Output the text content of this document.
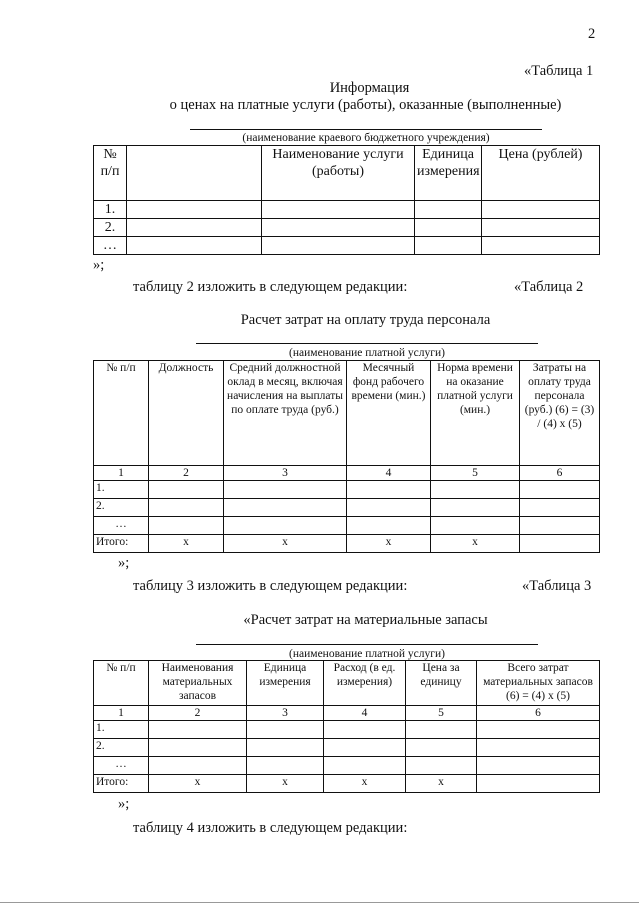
2
«Таблица 1
Информация
о ценах на платные услуги (работы), оказанные (выполненные)
(наименование краевого бюджетного учреждения)
№ п/п		Наименование услуги (работы)	Единица измерения	Цена (рублей)
1.				
2.				
…				
»;
таблицу 2 изложить в следующем редакции:	«Таблица 2
Расчет затрат на оплату труда персонала
(наименование платной услуги)
№ п/п	Должность	Средний должностной оклад в месяц, включая начисления на выплаты по оплате труда (руб.)	Месячный фонд рабочего времени (мин.)	Норма времени на оказание платной услуги (мин.)	Затраты на оплату труда персонала (руб.) (6) = (3) / (4) x (5)
1	2	3	4	5	6
1.					
2.					
…					
Итого:	x	x	x	x	
»;
таблицу 3 изложить в следующем редакции:	«Таблица 3
«Расчет затрат на материальные запасы
(наименование платной услуги)
№ п/п	Наименования материальных запасов	Единица измерения	Расход (в ед. измерения)	Цена за единицу	Всего затрат материальных запасов (6) = (4) x (5)
1	2	3	4	5	6
1.					
2.					
…					
Итого:	x	x	x	x	
»;
таблицу 4 изложить в следующем редакции:
